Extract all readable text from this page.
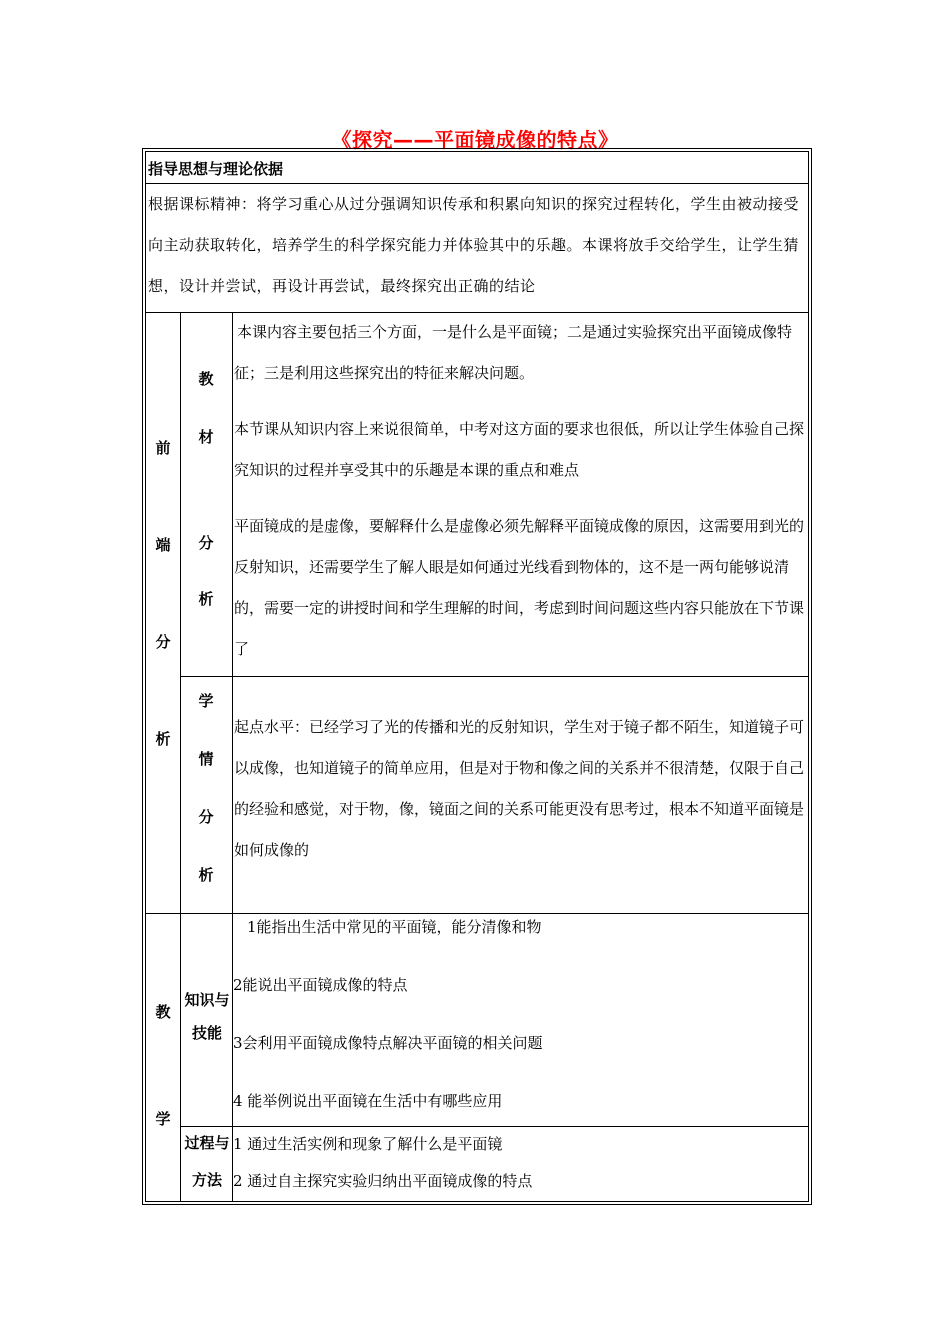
《探究——平面镜成像的特点》
指导思想与理论依据
根据课标精神：将学习重心从过分强调知识传承和积累向知识的探究过程转化，学生由被动接受向主动获取转化，培养学生的科学探究能力并体验其中的乐趣。本课将放手交给学生，让学生猜想，设计并尝试，再设计再尝试，最终探究出正确的结论
前
端
分
析
教
材
分
析

本课内容主要包括三个方面，一是什么是平面镜；二是通过实验探究出平面镜成像特征；三是利用这些探究出的特征来解决问题。

本节课从知识内容上来说很简单，中考对这方面的要求也很低，所以让学生体验自己探究知识的过程并享受其中的乐趣是本课的重点和难点

平面镜成的是虚像，要解释什么是虚像必须先解释平面镜成像的原因，这需要用到光的反射知识，还需要学生了解人眼是如何通过光线看到物体的，这不是一两句能够说清的，需要一定的讲授时间和学生理解的时间，考虑到时间问题这些内容只能放在下节课了

学
情
分
析
起点水平：已经学习了光的传播和光的反射知识，学生对于镜子都不陌生，知道镜子可以成像，也知道镜子的简单应用，但是对于物和像之间的关系并不很清楚，仅限于自己的经验和感觉，对于物，像，镜面之间的关系可能更没有思考过，根本不知道平面镜是如何成像的
教
学
知识与
技能
1能指出生活中常见的平面镜，能分清像和物
2能说出平面镜成像的特点
3会利用平面镜成像特点解决平面镜的相关问题
4 能举例说出平面镜在生活中有哪些应用
过程与
方法
1 通过生活实例和现象了解什么是平面镜
2 通过自主探究实验归纳出平面镜成像的特点
